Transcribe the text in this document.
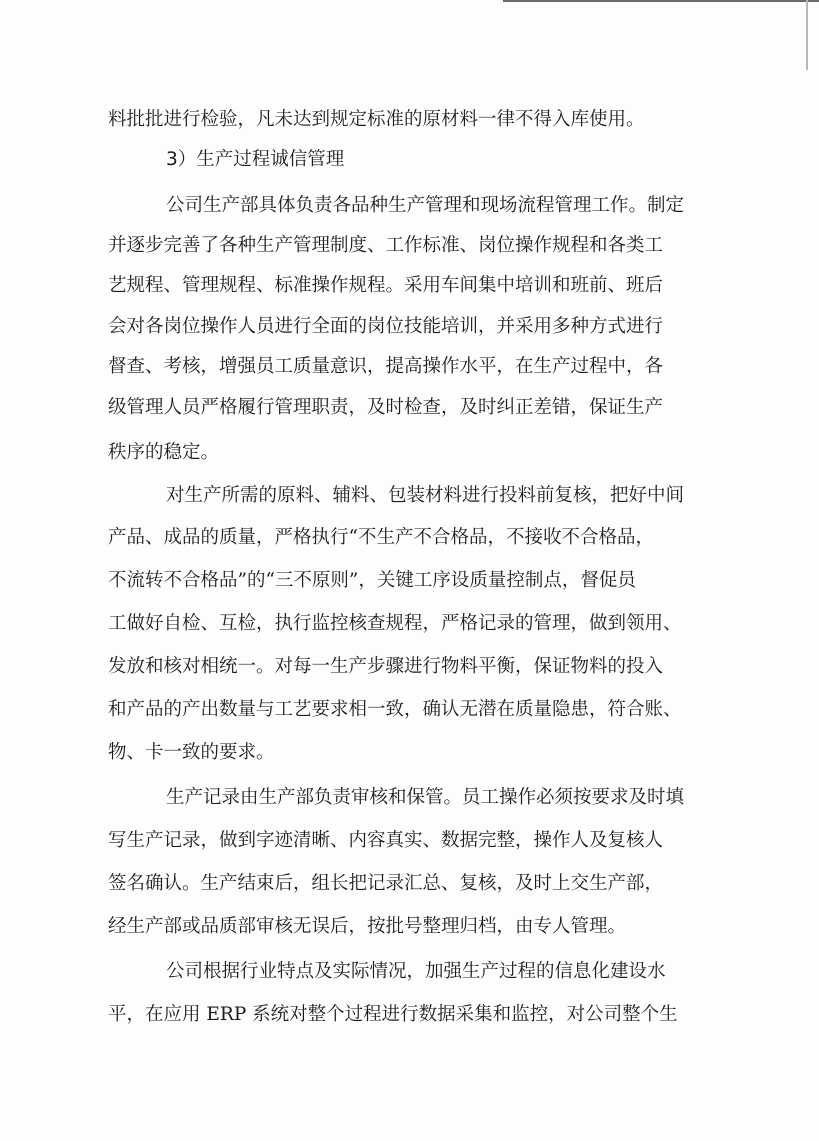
料批批进行检验，凡未达到规定标准的原材料一律不得入库使用。
3）生产过程诚信管理
公司生产部具体负责各品种生产管理和现场流程管理工作。制定
并逐步完善了各种生产管理制度、工作标准、岗位操作规程和各类工
艺规程、管理规程、标准操作规程。采用车间集中培训和班前、班后
会对各岗位操作人员进行全面的岗位技能培训，并采用多种方式进行
督查、考核，增强员工质量意识，提高操作水平，在生产过程中，各
级管理人员严格履行管理职责，及时检查，及时纠正差错，保证生产
秩序的稳定。
对生产所需的原料、辅料、包装材料进行投料前复核，把好中间
产品、成品的质量，严格执行“不生产不合格品，不接收不合格品，
不流转不合格品”的“三不原则”，关键工序设质量控制点，督促员
工做好自检、互检，执行监控核查规程，严格记录的管理，做到领用、
发放和核对相统一。对每一生产步骤进行物料平衡，保证物料的投入
和产品的产出数量与工艺要求相一致，确认无潜在质量隐患，符合账、
物、卡一致的要求。
生产记录由生产部负责审核和保管。员工操作必须按要求及时填
写生产记录，做到字迹清晰、内容真实、数据完整，操作人及复核人
签名确认。生产结束后，组长把记录汇总、复核，及时上交生产部，
经生产部或品质部审核无误后，按批号整理归档，由专人管理。
公司根据行业特点及实际情况，加强生产过程的信息化建设水
平，在应用 ERP 系统对整个过程进行数据采集和监控，对公司整个生
